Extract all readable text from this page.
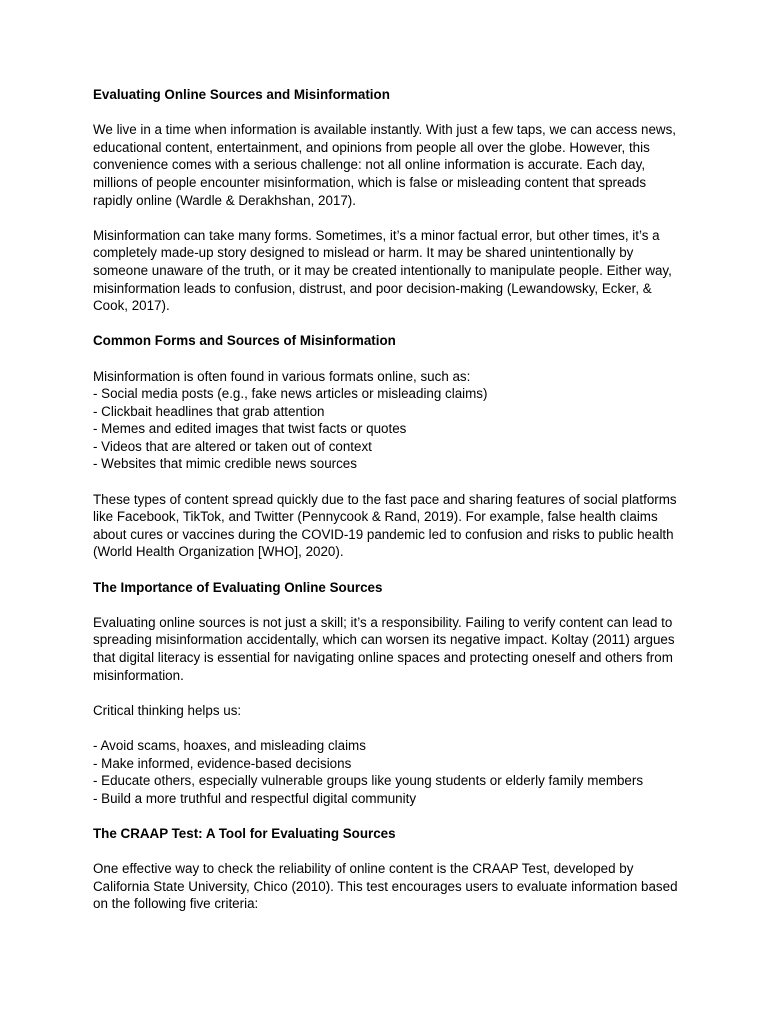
Evaluating Online Sources and Misinformation

We live in a time when information is available instantly. With just a few taps, we can access news, educational content, entertainment, and opinions from people all over the globe. However, this convenience comes with a serious challenge: not all online information is accurate. Each day, millions of people encounter misinformation, which is false or misleading content that spreads rapidly online (Wardle & Derakhshan, 2017).

Misinformation can take many forms. Sometimes, it’s a minor factual error, but other times, it’s a completely made-up story designed to mislead or harm. It may be shared unintentionally by someone unaware of the truth, or it may be created intentionally to manipulate people. Either way, misinformation leads to confusion, distrust, and poor decision-making (Lewandowsky, Ecker, & Cook, 2017).

Common Forms and Sources of Misinformation

Misinformation is often found in various formats online, such as:

- Social media posts (e.g., fake news articles or misleading claims)
- Clickbait headlines that grab attention
- Memes and edited images that twist facts or quotes
- Videos that are altered or taken out of context
- Websites that mimic credible news sources

These types of content spread quickly due to the fast pace and sharing features of social platforms like Facebook, TikTok, and Twitter (Pennycook & Rand, 2019). For example, false health claims about cures or vaccines during the COVID-19 pandemic led to confusion and risks to public health (World Health Organization [WHO], 2020).

The Importance of Evaluating Online Sources

Evaluating online sources is not just a skill; it’s a responsibility. Failing to verify content can lead to spreading misinformation accidentally, which can worsen its negative impact. Koltay (2011) argues that digital literacy is essential for navigating online spaces and protecting oneself and others from misinformation.

Critical thinking helps us:

- Avoid scams, hoaxes, and misleading claims
- Make informed, evidence-based decisions
- Educate others, especially vulnerable groups like young students or elderly family members
- Build a more truthful and respectful digital community
The CRAAP Test: A Tool for Evaluating Sources

One effective way to check the reliability of online content is the CRAAP Test, developed by California State University, Chico (2010). This test encourages users to evaluate information based on the following five criteria:
